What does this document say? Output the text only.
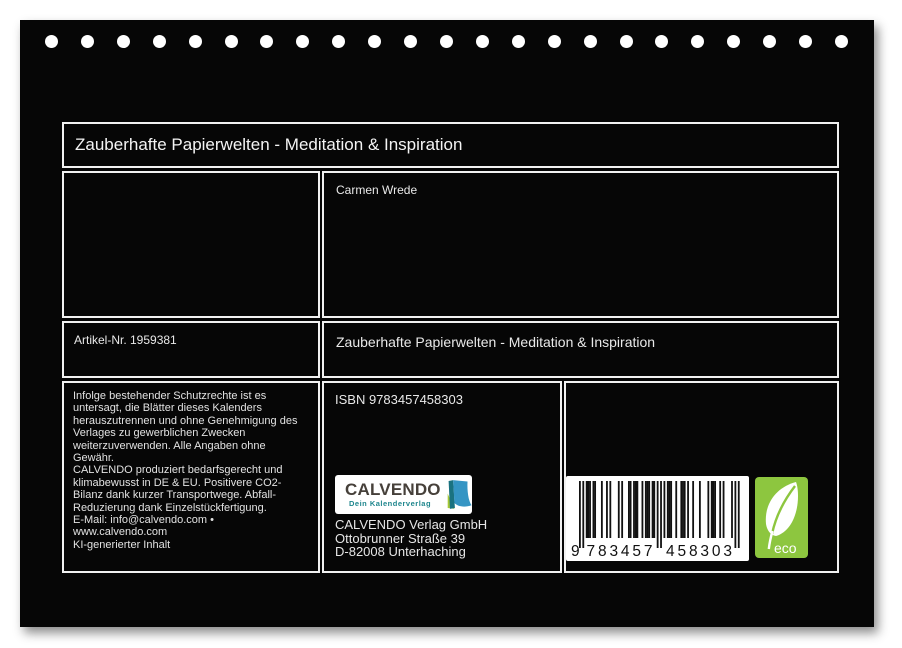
Zauberhafte Papierwelten - Meditation & Inspiration
Carmen Wrede
Artikel-Nr. 1959381	Zauberhafte Papierwelten - Meditation & Inspiration
Infolge bestehender Schutzrechte ist es
untersagt, die Blätter dieses Kalenders
herauszutrennen und ohne Genehmigung des
Verlages zu gewerblichen Zwecken
weiterzuverwenden. Alle Angaben ohne
Gewähr.
CALVENDO produziert bedarfsgerecht und
klimabewusst in DE & EU. Positivere CO2-
Bilanz dank kurzer Transportwege. Abfall-
Reduzierung dank Einzelstückfertigung.
E-Mail: info@calvendo.com •
www.calvendo.com
KI-generierter Inhalt
ISBN 9783457458303
CALVENDO
Dein Kalenderverlag
CALVENDO Verlag GmbH
Ottobrunner Straße 39
D-82008 Unterhaching	9 783457 458303	eco
